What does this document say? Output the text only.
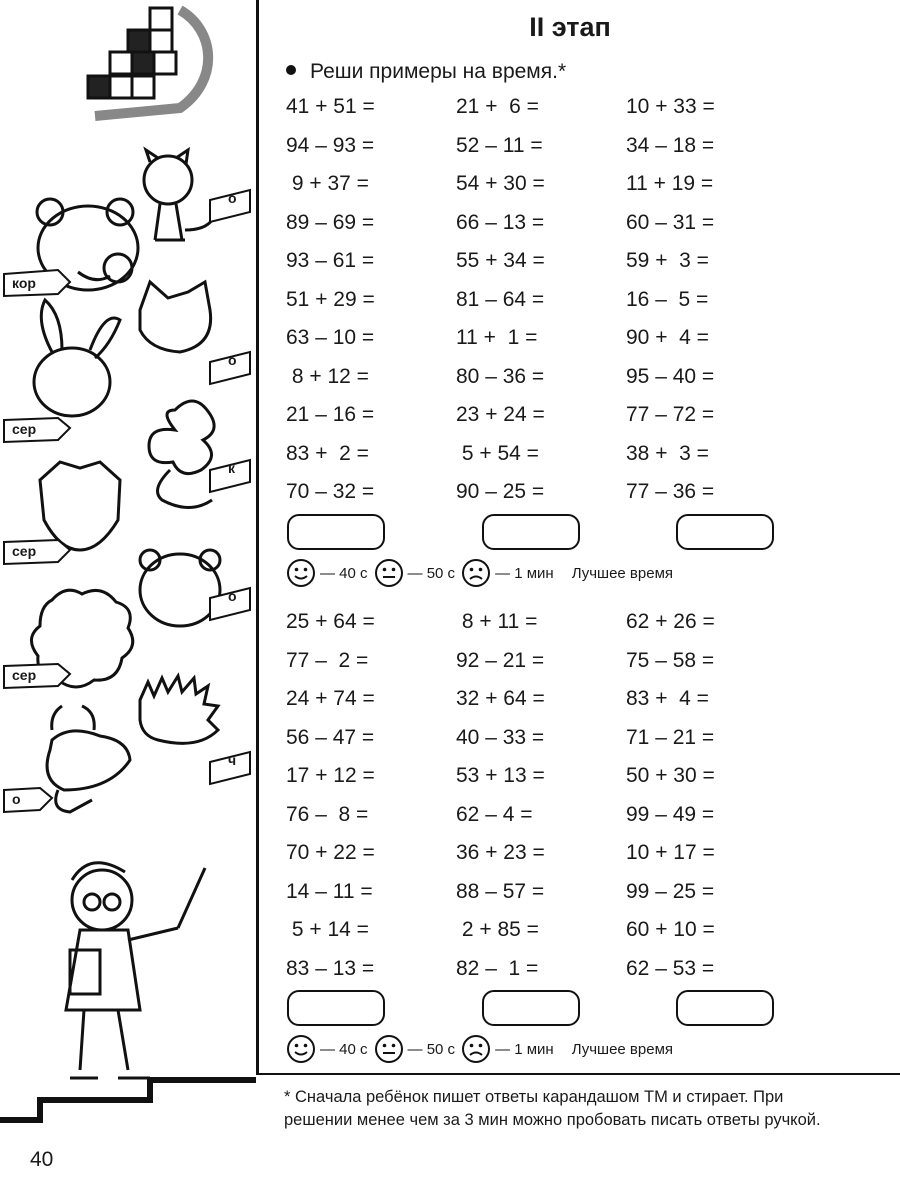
о
кор
о
сер
к
сер
о
сер
ч
о
II этап
Реши примеры на время.*
41 + 51 =	21 +  6 =	10 + 33 =
94 – 93 =	52 – 11 =	34 – 18 =
9 + 37 =	54 + 30 =	11 + 19 =
89 – 69 =	66 – 13 =	60 – 31 =
93 – 61 =	55 + 34 =	59 +  3 =
51 + 29 =	81 – 64 =	16 –  5 =
63 – 10 =	11 +  1 =	90 +  4 =
8 + 12 =	80 – 36 =	95 – 40 =
21 – 16 =	23 + 24 =	77 – 72 =
83 +  2 =	5 + 54 =	38 +  3 =
70 – 32 =	90 – 25 =	77 – 36 =
— 40 с	— 50 с	— 1 мин Лучшее время
25 + 64 =	8 + 11 =	62 + 26 =
77 –  2 =	92 – 21 =	75 – 58 =
24 + 74 =	32 + 64 =	83 +  4 =
56 – 47 =	40 – 33 =	71 – 21 =
17 + 12 =	53 + 13 =	50 + 30 =
76 –  8 =	62 – 4 =	99 – 49 =
70 + 22 =	36 + 23 =	10 + 17 =
14 – 11 =	88 – 57 =	99 – 25 =
5 + 14 =	2 + 85 =	60 + 10 =
83 – 13 =	82 –  1 =	62 – 53 =
— 40 с	— 50 с	— 1 мин Лучшее время
* Сначала ребёнок пишет ответы карандашом ТМ и стирает. При решении менее чем за 3 мин можно пробовать писать ответы ручкой.
40
